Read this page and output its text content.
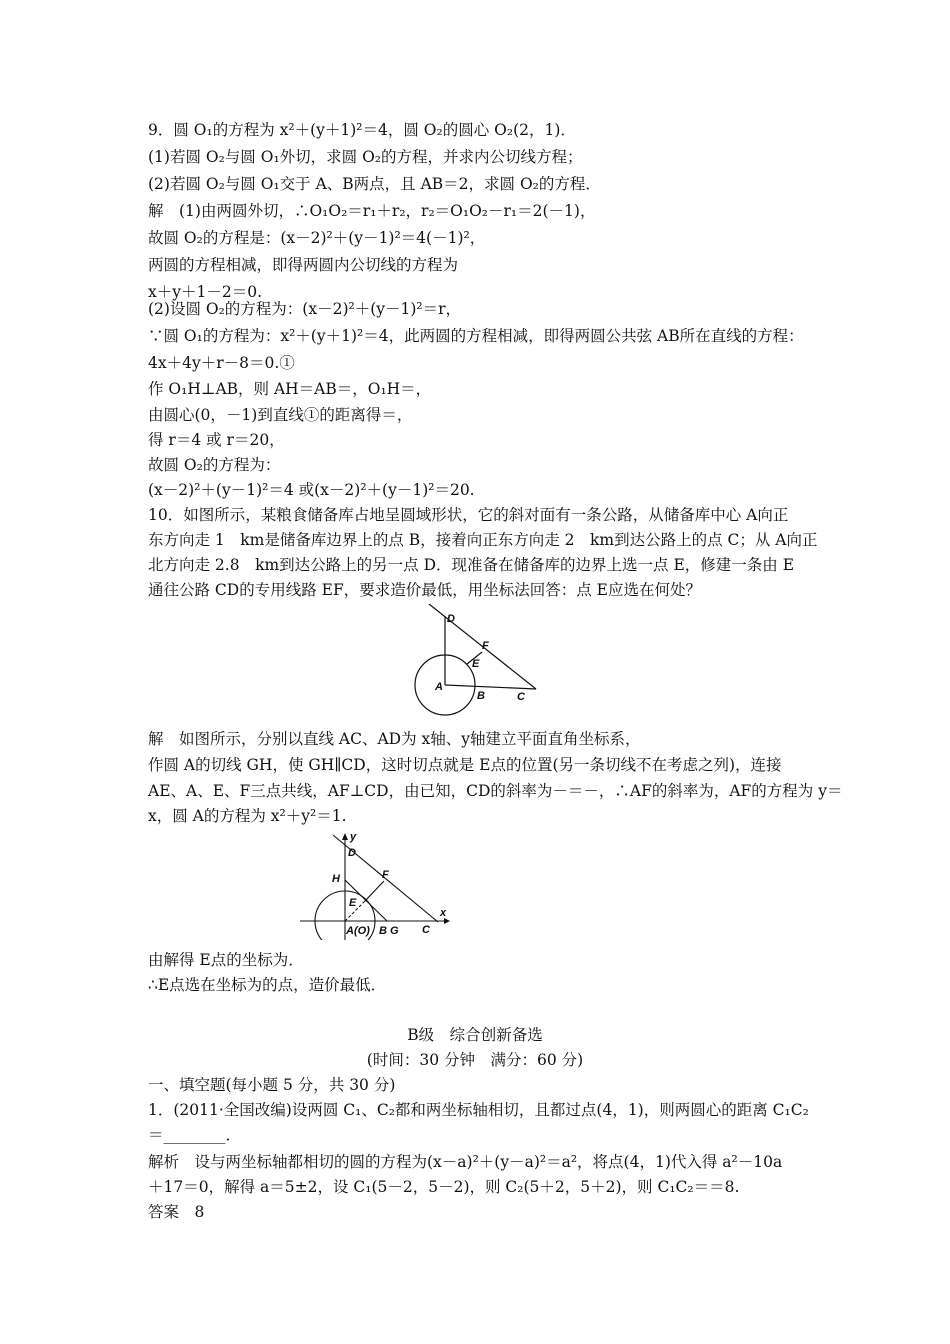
9．圆 O₁的方程为 x²＋(y＋1)²＝4，圆 O₂的圆心 O₂(2，1)．
(1)若圆 O₂与圆 O₁外切，求圆 O₂的方程，并求内公切线方程；
(2)若圆 O₂与圆 O₁交于 A、B两点，且 AB＝2，求圆 O₂的方程．
解　(1)由两圆外切，∴O₁O₂＝r₁＋r₂，r₂＝O₁O₂－r₁＝2(－1)，
故圆 O₂的方程是：(x－2)²＋(y－1)²＝4(－1)²，
两圆的方程相减，即得两圆内公切线的方程为
x＋y＋1－2＝0.
(2)设圆 O₂的方程为：(x－2)²＋(y－1)²＝r，
∵圆 O₁的方程为：x²＋(y＋1)²＝4，此两圆的方程相减，即得两圆公共弦 AB所在直线的方程：
4x＋4y＋r－8＝0.①
作 O₁H⊥AB，则 AH＝AB＝，O₁H＝，
由圆心(0，－1)到直线①的距离得＝，
得 r＝4 或 r＝20，
故圆 O₂的方程为：
(x－2)²＋(y－1)²＝4 或(x－2)²＋(y－1)²＝20.
10．如图所示，某粮食储备库占地呈圆域形状，它的斜对面有一条公路，从储备库中心 A向正
东方向走 1　km是储备库边界上的点 B，接着向正东方向走 2　km到达公路上的点 C；从 A向正
北方向走 2.8　km到达公路上的另一点 D．现准备在储备库的边界上选一点 E，修建一条由 E
通往公路 CD的专用线路 EF，要求造价最低，用坐标法回答：点 E应选在何处？
D
F
E
A
B	C
解　如图所示，分别以直线 AC、AD为 x轴、y轴建立平面直角坐标系，
作圆 A的切线 GH，使 GH∥CD，这时切点就是 E点的位置(另一条切线不在考虑之列)，连接
AE、A、E、F三点共线，AF⊥CD，由已知，CD的斜率为－＝－，∴AF的斜率为，AF的方程为 y＝
x，圆 A的方程为 x²＋y²＝1.
y
D
F
H
E
A(O) B G C
x
由解得 E点的坐标为．
∴E点选在坐标为的点，造价最低．
B级　综合创新备选
(时间：30 分钟　满分：60 分)
一、填空题(每小题 5 分，共 30 分)
1．(2011·全国改编)设两圆 C₁、C₂都和两坐标轴相切，且都过点(4，1)，则两圆心的距离 C₁C₂
＝________．
解析　设与两坐标轴都相切的圆的方程为(x－a)²＋(y－a)²＝a²，将点(4，1)代入得 a²－10a
＋17＝0，解得 a＝5±2，设 C₁(5－2，5－2)，则 C₂(5＋2，5＋2)，则 C₁C₂＝＝8.
答案　8
